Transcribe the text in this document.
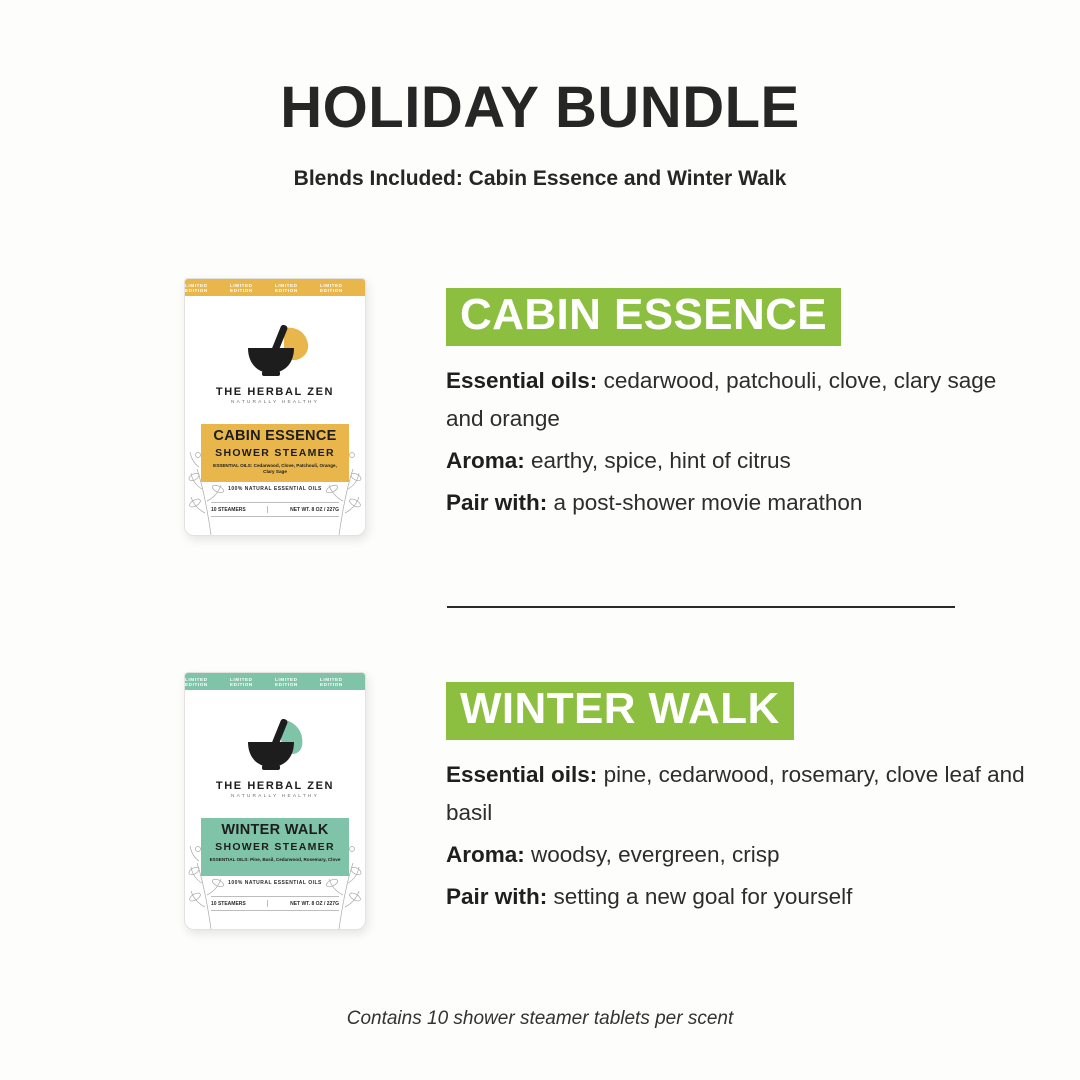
HOLIDAY BUNDLE
Blends Included: Cabin Essence and Winter Walk
LIMITED EDITION
LIMITED EDITION
LIMITED EDITION
LIMITED EDITION
THE HERBAL ZEN
NATURALLY HEALTHY
CABIN ESSENCE
SHOWER STEAMER
ESSENTIAL OILS: Cedarwood, Clove, Patchouli, Orange, Clary Sage
100% NATURAL ESSENTIAL OILS
10 STEAMERS	NET WT. 8 OZ / 227G
CABIN ESSENCE
Essential oils: cedarwood, patchouli, clove, clary sage and orange
Aroma: earthy, spice, hint of citrus
Pair with: a post-shower movie marathon
LIMITED EDITION
LIMITED EDITION
LIMITED EDITION
LIMITED EDITION
THE HERBAL ZEN
NATURALLY HEALTHY
WINTER WALK
SHOWER STEAMER
ESSENTIAL OILS: Pine, Basil, Cedarwood, Rosemary, Clove
100% NATURAL ESSENTIAL OILS
10 STEAMERS	NET WT. 8 OZ / 227G
WINTER WALK
Essential oils: pine, cedarwood, rosemary, clove leaf and basil
Aroma: woodsy, evergreen, crisp
Pair with: setting a new goal for yourself
Contains 10 shower steamer tablets per scent
